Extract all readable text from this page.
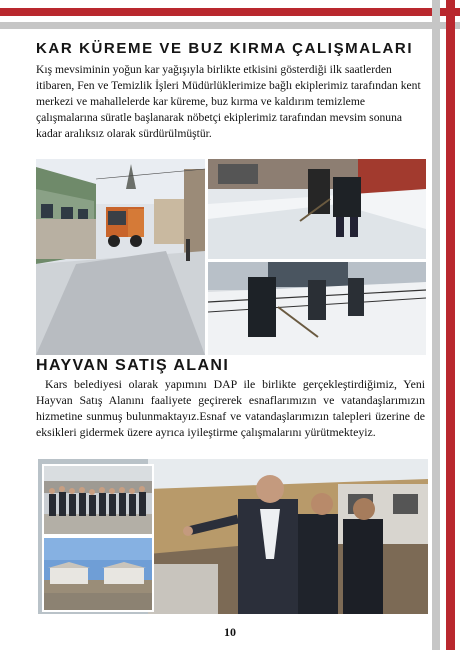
KAR KÜREME VE BUZ KIRMA ÇALIŞMALARI

Kış mevsiminin yoğun kar yağışıyla birlikte etkisini gösterdiği ilk saatlerden itibaren, Fen ve Temizlik İşleri Müdürlüklerimize bağlı ekiplerimiz tarafından kent merkezi ve mahallelerde kar küreme, buz kırma ve kaldırım temizleme çalışmalarına süratle başlanarak nöbetçi ekiplerimiz tarafından mevsim sonuna kadar aralıksız olarak sürdürülmüştür.

HAYVAN SATIŞ ALANI

Kars belediyesi olarak yapımını DAP ile birlikte gerçekleştirdiğimiz, Yeni Hayvan Satış Alanını faaliyete geçirerek esnaflarımızın ve vatandaşlarımızın hizmetine sunmuş bulunmaktayız.Esnaf ve vatandaşlarımızın talepleri üzerine de eksikleri gidermek üzere ayrıca iyileştirme çalışmalarını yürütmekteyiz.

10
